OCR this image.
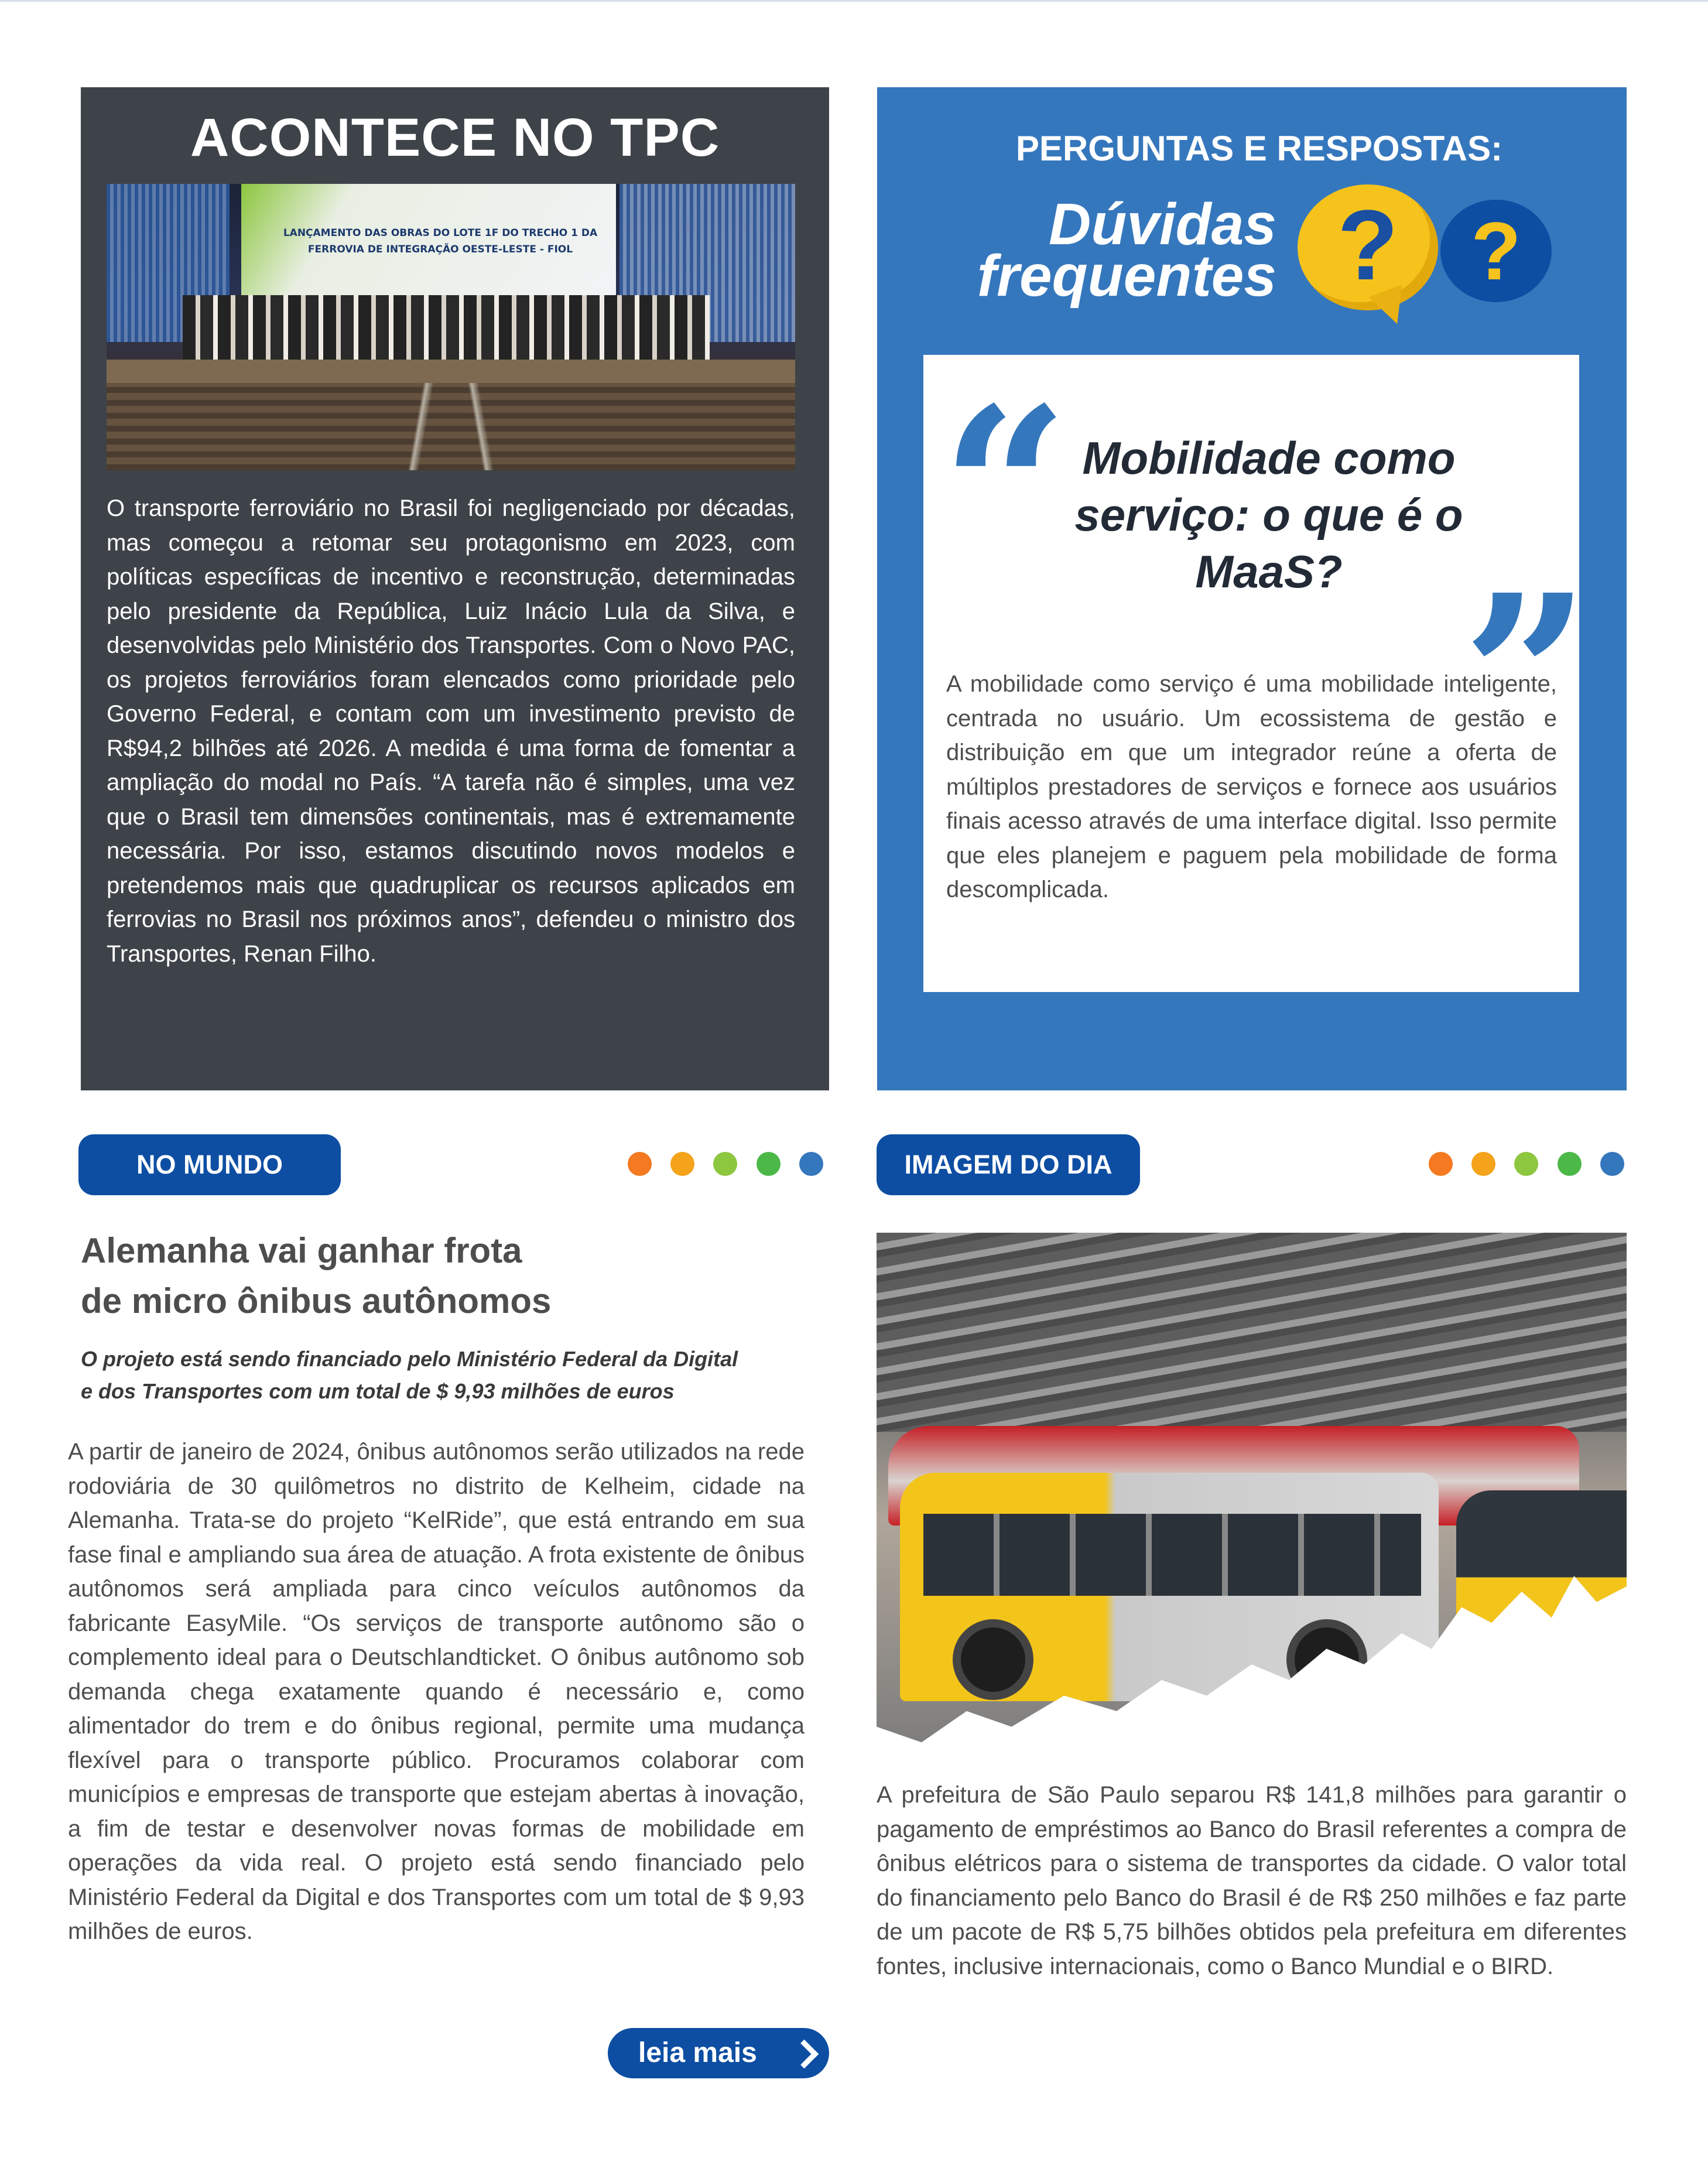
ACONTECE NO TPC
LANÇAMENTO DAS OBRAS DO LOTE 1F DO TRECHO 1 DA FERROVIA DE INTEGRAÇÃO OESTE-LESTE - FIOL

O transporte ferroviário no Brasil foi negligenciado por décadas, mas começou a retomar seu protagonismo em 2023, com políticas específicas de incentivo e reconstrução, determinadas pelo presidente da República, Luiz Inácio Lula da Silva, e desenvolvidas pelo Ministério dos Transportes. Com o Novo PAC, os projetos ferroviários foram elencados como prioridade pelo Governo Federal, e contam com um investimento previsto de R$94,2 bilhões até 2026. A medida é uma forma de fomentar a ampliação do modal no País. “A tarefa não é simples, uma vez que o Brasil tem dimensões continentais, mas é extremamente necessária. Por isso, estamos discutindo novos modelos e pretendemos mais que quadruplicar os recursos aplicados em ferrovias no Brasil nos próximos anos”, defendeu o ministro dos Transportes, Renan Filho.

PERGUNTAS E RESPOSTAS:
Dúvidas
frequentes ? ?
“ Mobilidade como serviço: o que é o MaaS? ”

A mobilidade como serviço é uma mobilidade inteligente, centrada no usuário. Um ecossistema de gestão e distribuição em que um integrador reúne a oferta de múltiplos prestadores de serviços e fornece aos usuários finais acesso através de uma interface digital. Isso permite que eles planejem e paguem pela mobilidade de forma descomplicada.

NO MUNDO
Alemanha vai ganhar frota
de micro ônibus autônomos
O projeto está sendo financiado pelo Ministério Federal da Digital
e dos Transportes com um total de $ 9,93 milhões de euros

A partir de janeiro de 2024, ônibus autônomos serão utilizados na rede rodoviária de 30 quilômetros no distrito de Kelheim, cidade na Alemanha. Trata-se do projeto “KelRide”, que está entrando em sua fase final e ampliando sua área de atuação. A frota existente de ônibus autônomos será ampliada para cinco veículos autônomos da fabricante EasyMile. “Os serviços de transporte autônomo são o complemento ideal para o Deutschlandticket. O ônibus autônomo sob demanda chega exatamente quando é necessário e, como alimentador do trem e do ônibus regional, permite uma mudança flexível para o transporte público. Procuramos colaborar com municípios e empresas de transporte que estejam abertas à inovação, a fim de testar e desenvolver novas formas de mobilidade em operações da vida real. O projeto está sendo financiado pelo Ministério Federal da Digital e dos Transportes com um total de $ 9,93 milhões de euros.

leia mais
IMAGEM DO DIA

A prefeitura de São Paulo separou R$ 141,8 milhões para garantir o pagamento de empréstimos ao Banco do Brasil referentes a compra de ônibus elétricos para o sistema de transportes da cidade. O valor total do financiamento pelo Banco do Brasil é de R$ 250 milhões e faz parte de um pacote de R$ 5,75 bilhões obtidos pela prefeitura em diferentes fontes, inclusive internacionais, como o Banco Mundial e o BIRD.
